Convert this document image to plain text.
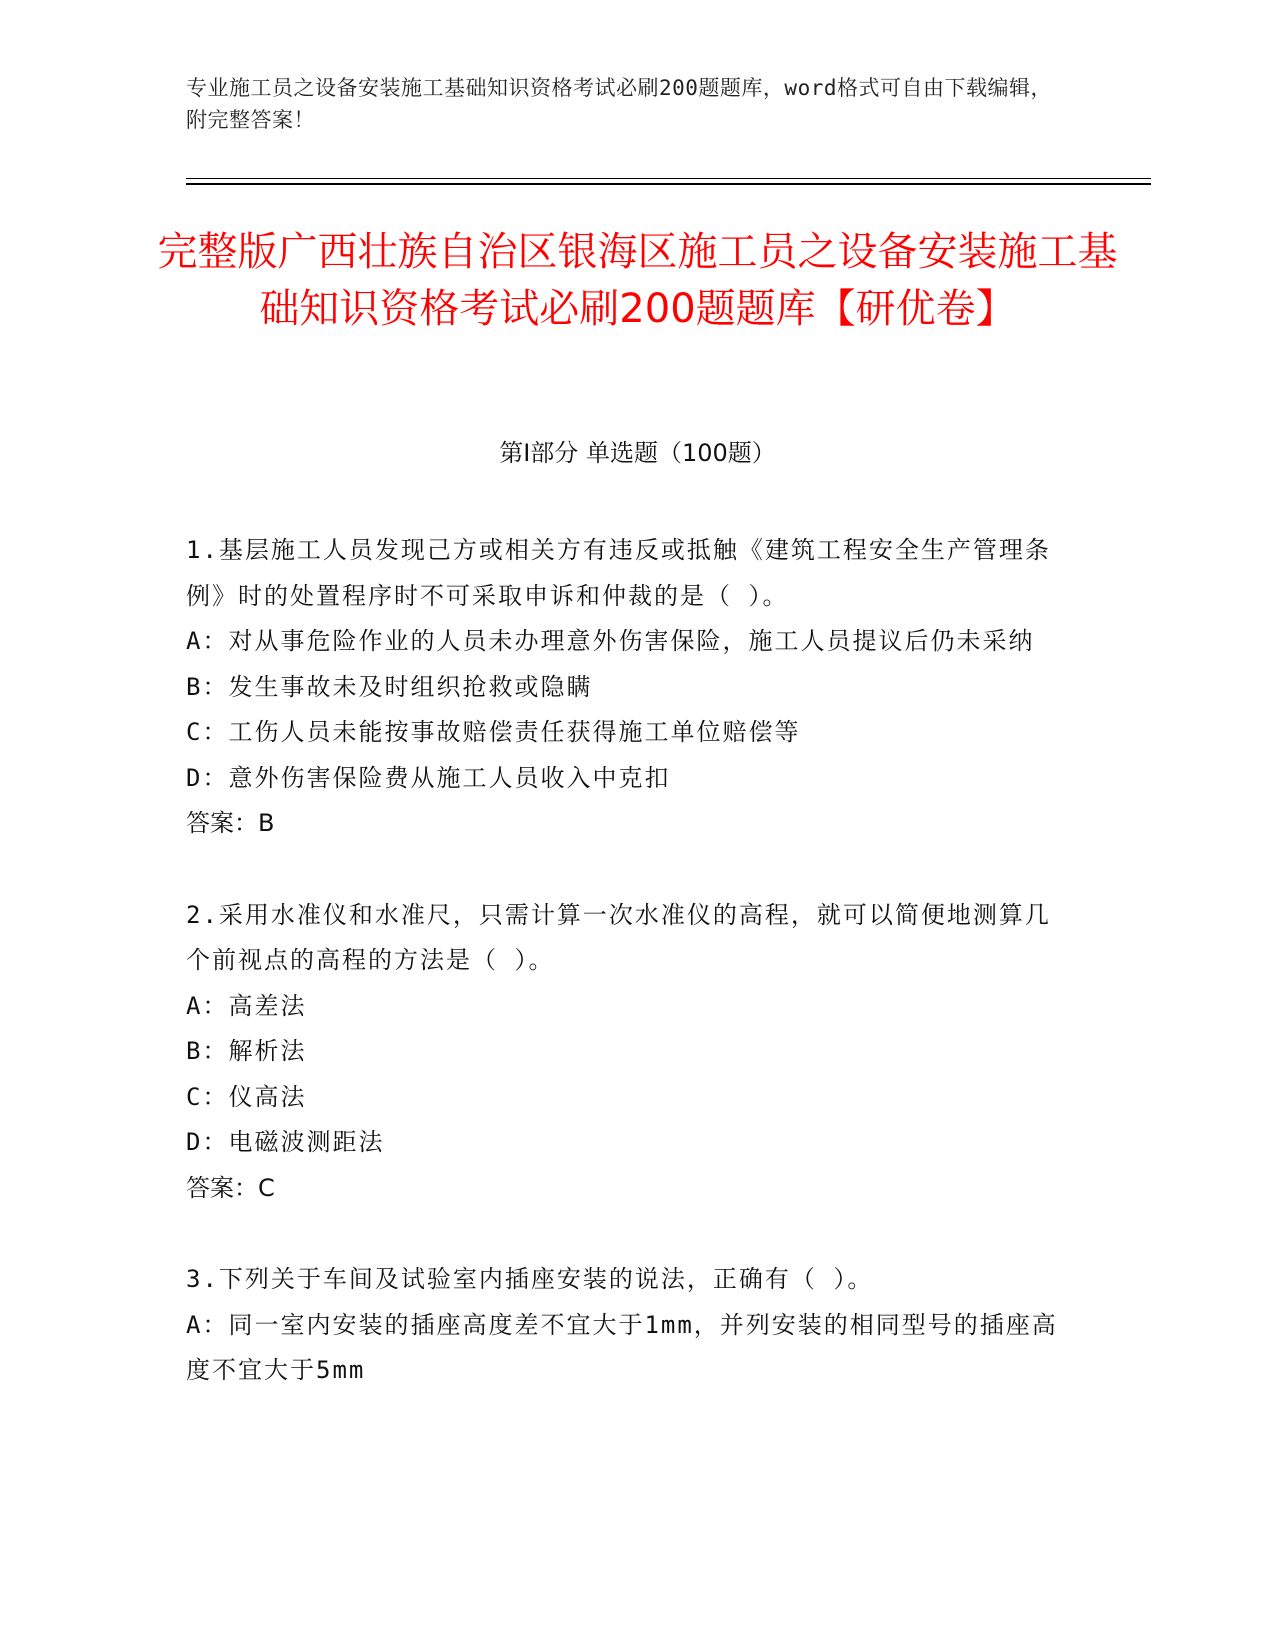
专业施工员之设备安装施工基础知识资格考试必刷200题题库，word格式可自由下载编辑，附完整答案！
完整版广西壮族自治区银海区施工员之设备安装施工基础知识资格考试必刷200题题库【研优卷】
第I部分 单选题（100题）
1.基层施工人员发现己方或相关方有违反或抵触《建筑工程安全生产管理条例》时的处置程序时不可采取申诉和仲裁的是（ ）。
A：对从事危险作业的人员未办理意外伤害保险，施工人员提议后仍未采纳
B：发生事故未及时组织抢救或隐瞒
C：工伤人员未能按事故赔偿责任获得施工单位赔偿等
D：意外伤害保险费从施工人员收入中克扣
答案：B
2.采用水准仪和水准尺，只需计算一次水准仪的高程，就可以简便地测算几个前视点的高程的方法是（ ）。
A：高差法
B：解析法
C：仪高法
D：电磁波测距法
答案：C
3.下列关于车间及试验室内插座安装的说法，正确有（ ）。
A：同一室内安装的插座高度差不宜大于1mm，并列安装的相同型号的插座高度不宜大于5mm
